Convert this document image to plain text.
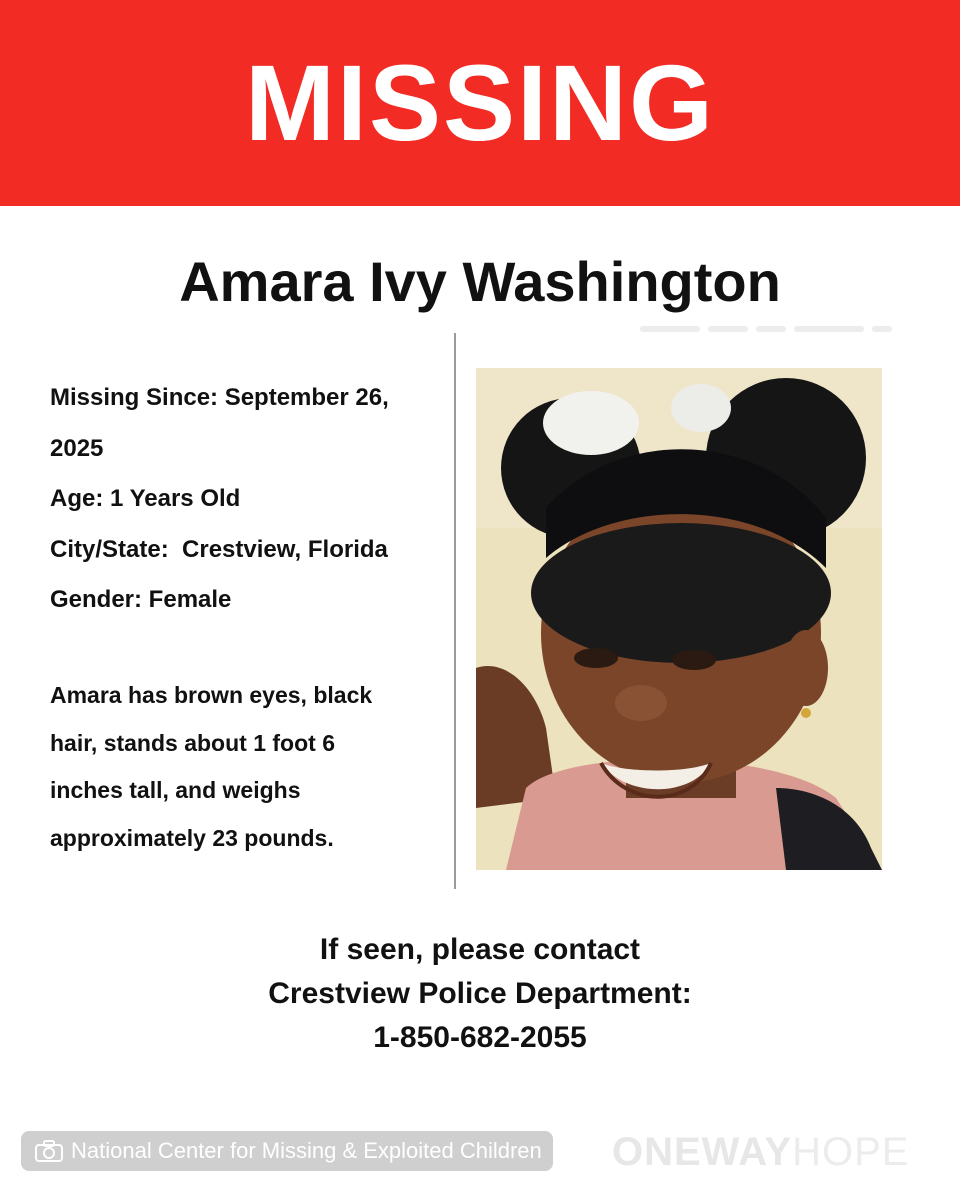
MISSING
Amara Ivy Washington
Missing Since: September 26,
2025
Age: 1 Years Old
City/State:  Crestview, Florida
Gender: Female
Amara has brown eyes, black
hair, stands about 1 foot 6
inches tall, and weighs
approximately 23 pounds.
If seen, please contact
Crestview Police Department:
1-850-682-2055
National Center for Missing & Exploited Children ONEWAYHOPE
